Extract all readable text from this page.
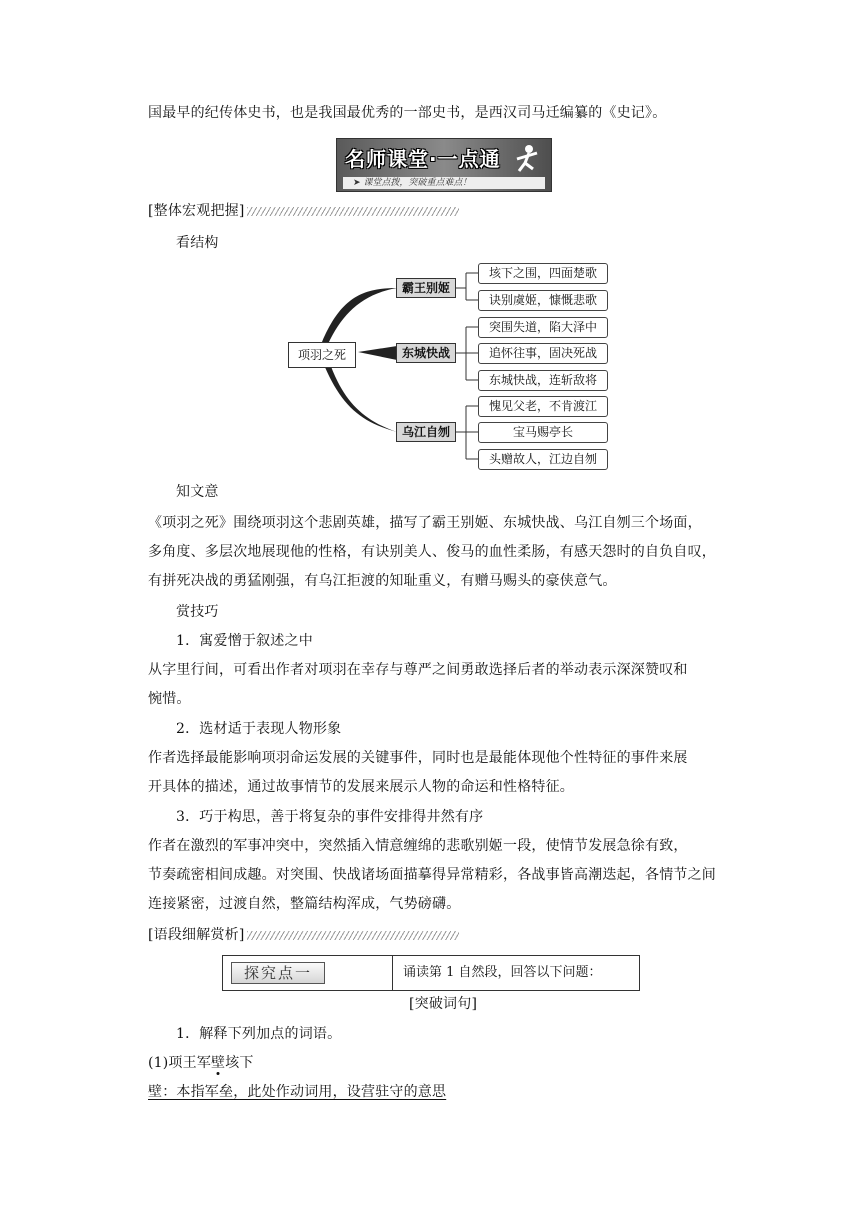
国最早的纪传体史书，也是我国最优秀的一部史书，是西汉司马迁编纂的《史记》。
名师课堂·一点通
➤ 课堂点拨，突破重点难点！
[整体宏观把握]
看结构
项羽之死
霸王别姬
东城快战
乌江自刎
垓下之围，四面楚歌
诀别虞姬，慷慨悲歌
突围失道，陷大泽中
追怀往事，固决死战
东城快战，连斩敌将
愧见父老，不肯渡江
宝马赐亭长
头赠故人，江边自刎
知文意
《项羽之死》围绕项羽这个悲剧英雄，描写了霸王别姬、东城快战、乌江自刎三个场面，
多角度、多层次地展现他的性格，有诀别美人、俊马的血性柔肠，有感天怨时的自负自叹，
有拼死决战的勇猛刚强，有乌江拒渡的知耻重义，有赠马赐头的豪侠意气。
赏技巧
1．寓爱憎于叙述之中
从字里行间，可看出作者对项羽在幸存与尊严之间勇敢选择后者的举动表示深深赞叹和
惋惜。
2．选材适于表现人物形象
作者选择最能影响项羽命运发展的关键事件，同时也是最能体现他个性特征的事件来展
开具体的描述，通过故事情节的发展来展示人物的命运和性格特征。
3．巧于构思，善于将复杂的事件安排得井然有序
作者在激烈的军事冲突中，突然插入情意缠绵的悲歌别姬一段，使情节发展急徐有致，
节奏疏密相间成趣。对突围、快战诸场面描摹得异常精彩，各战事皆高潮迭起，各情节之间
连接紧密，过渡自然，整篇结构浑成，气势磅礴。
[语段细解赏析]
探究点一	诵读第 1 自然段，回答以下问题：
[突破词句]
1．解释下列加点的词语。
(1)项王军壁垓下
壁：本指军垒，此处作动词用，设营驻守的意思
